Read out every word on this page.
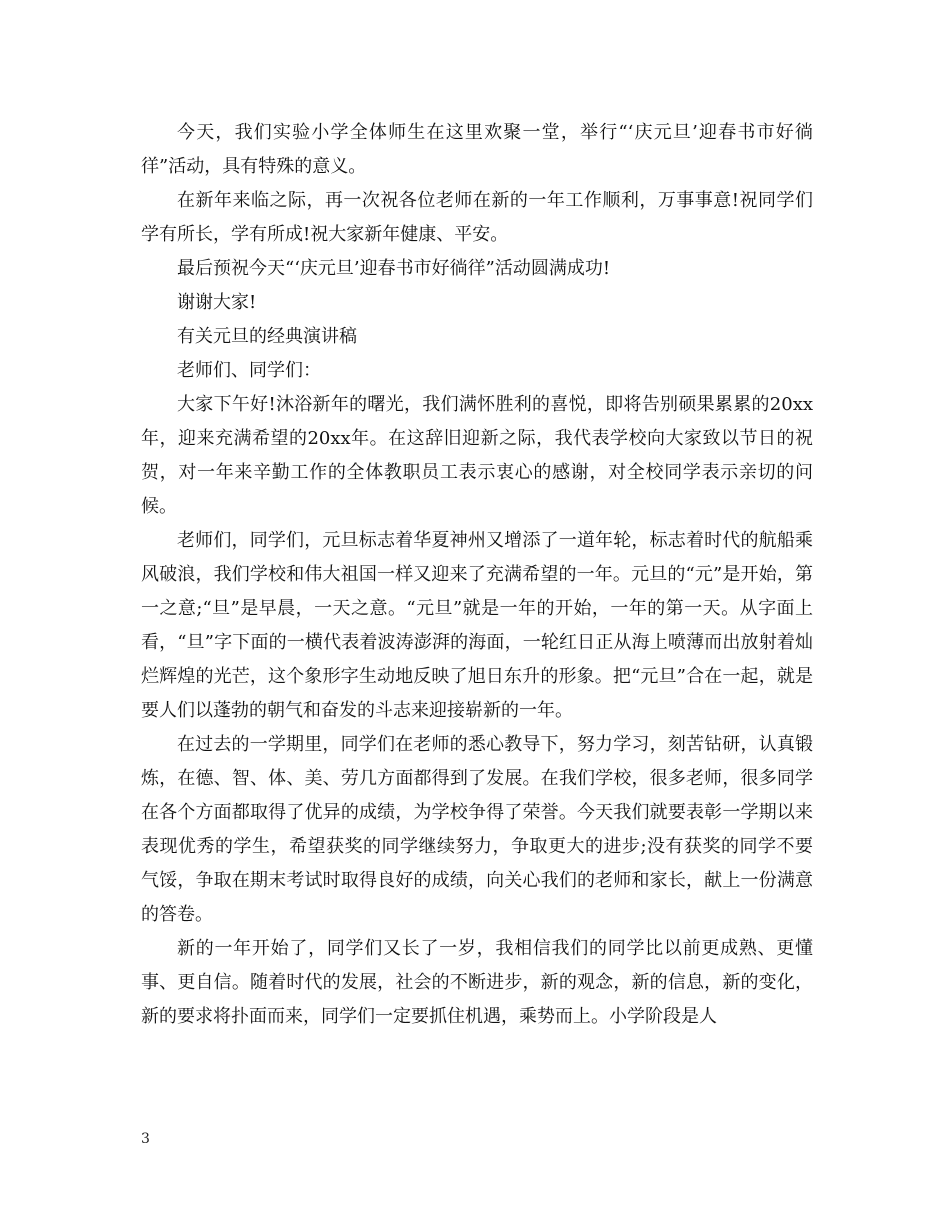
今天，我们实验小学全体师生在这里欢聚一堂，举行“‘庆元旦’迎春书市好徜徉”活动，具有特殊的意义。

在新年来临之际，再一次祝各位老师在新的一年工作顺利，万事事意!祝同学们学有所长，学有所成!祝大家新年健康、平安。

最后预祝今天“‘庆元旦’迎春书市好徜徉”活动圆满成功!

谢谢大家!

有关元旦的经典演讲稿

老师们、同学们：

大家下午好!沐浴新年的曙光，我们满怀胜利的喜悦，即将告别硕果累累的20xx年，迎来充满希望的20xx年。在这辞旧迎新之际，我代表学校向大家致以节日的祝贺，对一年来辛勤工作的全体教职员工表示衷心的感谢，对全校同学表示亲切的问候。

老师们，同学们，元旦标志着华夏神州又增添了一道年轮，标志着时代的航船乘风破浪，我们学校和伟大祖国一样又迎来了充满希望的一年。元旦的“元”是开始，第一之意;“旦”是早晨，一天之意。“元旦”就是一年的开始，一年的第一天。从字面上看，“旦”字下面的一横代表着波涛澎湃的海面，一轮红日正从海上喷薄而出放射着灿烂辉煌的光芒，这个象形字生动地反映了旭日东升的形象。把“元旦”合在一起，就是要人们以蓬勃的朝气和奋发的斗志来迎接崭新的一年。

在过去的一学期里，同学们在老师的悉心教导下，努力学习，刻苦钻研，认真锻炼，在德、智、体、美、劳几方面都得到了发展。在我们学校，很多老师，很多同学在各个方面都取得了优异的成绩，为学校争得了荣誉。今天我们就要表彰一学期以来表现优秀的学生，希望获奖的同学继续努力，争取更大的进步;没有获奖的同学不要气馁，争取在期末考试时取得良好的成绩，向关心我们的老师和家长，献上一份满意的答卷。

新的一年开始了，同学们又长了一岁，我相信我们的同学比以前更成熟、更懂事、更自信。随着时代的发展，社会的不断进步，新的观念，新的信息，新的变化，新的要求将扑面而来，同学们一定要抓住机遇，乘势而上。小学阶段是人

3
